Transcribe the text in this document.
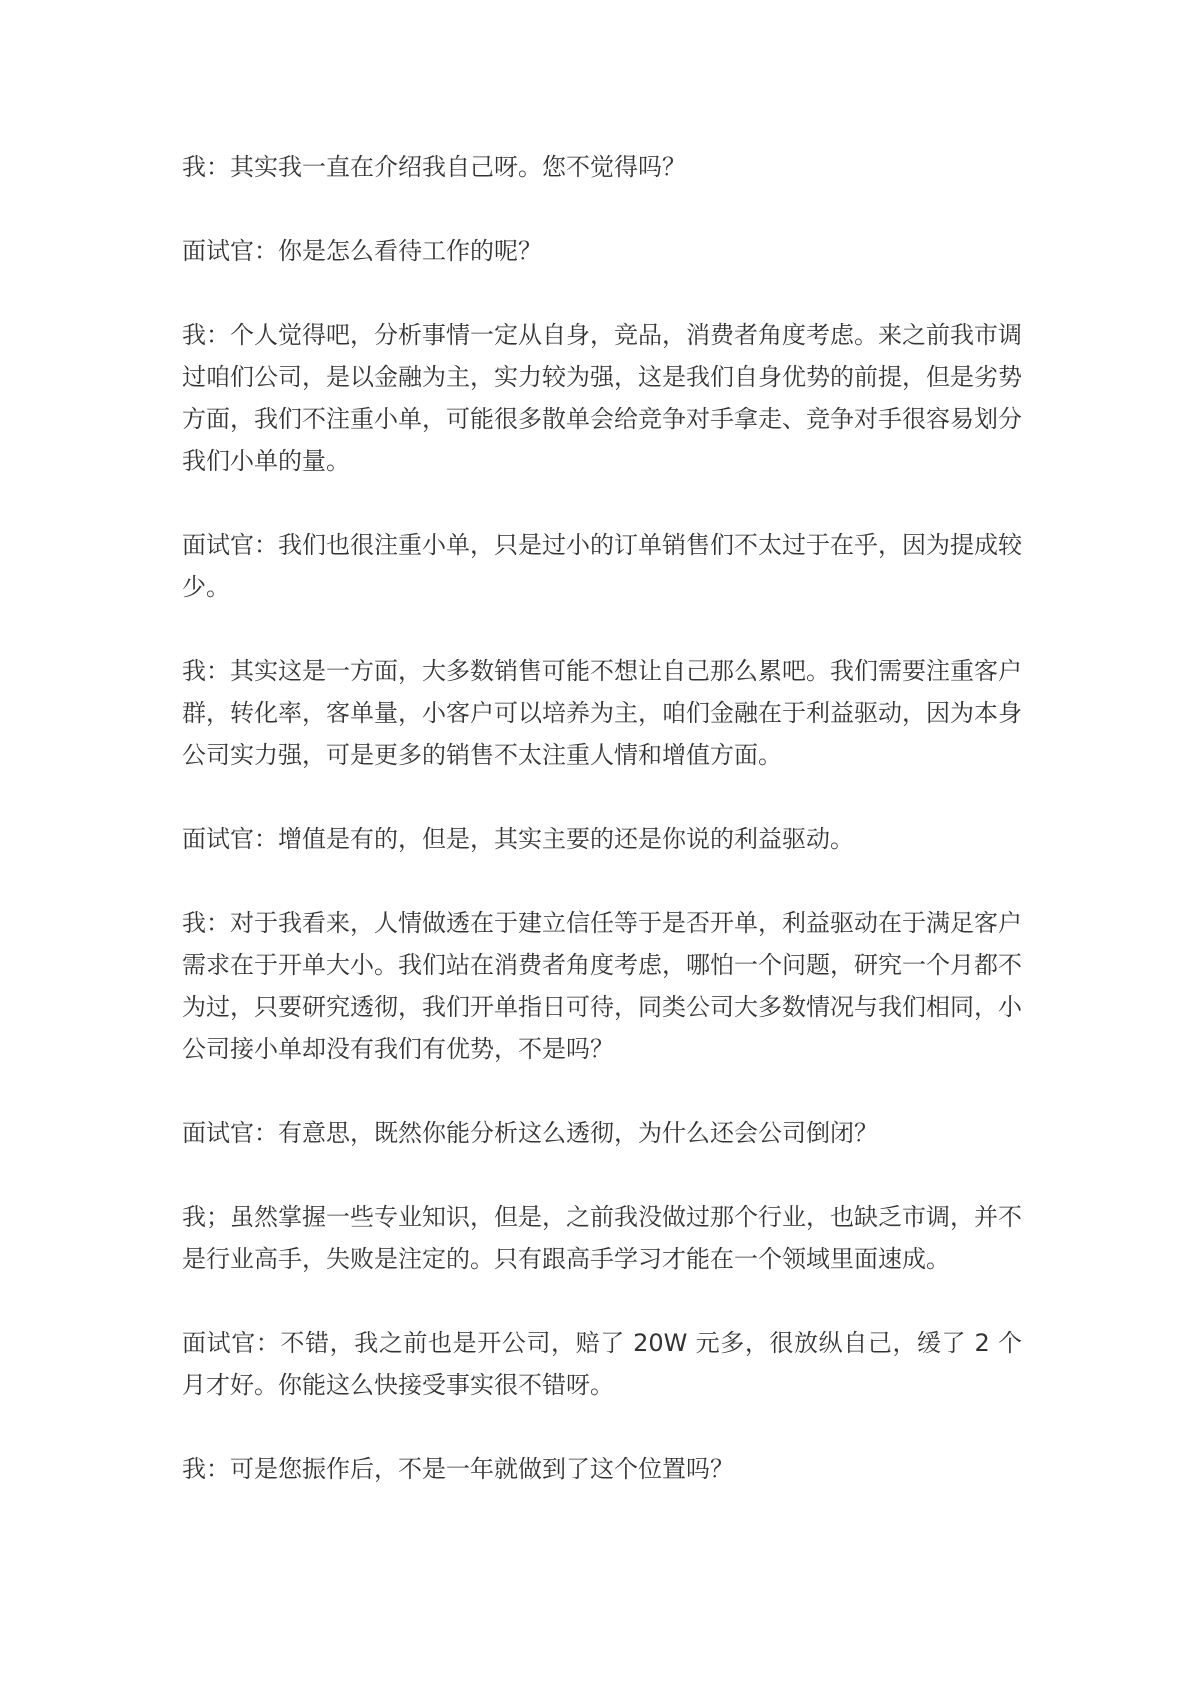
我：其实我一直在介绍我自己呀。您不觉得吗？

面试官：你是怎么看待工作的呢？

我：个人觉得吧，分析事情一定从自身，竞品，消费者角度考虑。来之前我市调过咱们公司，是以金融为主，实力较为强，这是我们自身优势的前提，但是劣势方面，我们不注重小单，可能很多散单会给竞争对手拿走、竞争对手很容易划分我们小单的量。

面试官：我们也很注重小单，只是过小的订单销售们不太过于在乎，因为提成较少。

我：其实这是一方面，大多数销售可能不想让自己那么累吧。我们需要注重客户群，转化率，客单量，小客户可以培养为主，咱们金融在于利益驱动，因为本身公司实力强，可是更多的销售不太注重人情和增值方面。

面试官：增值是有的，但是，其实主要的还是你说的利益驱动。

我：对于我看来，人情做透在于建立信任等于是否开单，利益驱动在于满足客户需求在于开单大小。我们站在消费者角度考虑，哪怕一个问题，研究一个月都不为过，只要研究透彻，我们开单指日可待，同类公司大多数情况与我们相同，小公司接小单却没有我们有优势，不是吗？

面试官：有意思，既然你能分析这么透彻，为什么还会公司倒闭？

我；虽然掌握一些专业知识，但是，之前我没做过那个行业，也缺乏市调，并不是行业高手，失败是注定的。只有跟高手学习才能在一个领域里面速成。

面试官：不错，我之前也是开公司，赔了 20W 元多，很放纵自己，缓了 2 个月才好。你能这么快接受事实很不错呀。

我：可是您振作后，不是一年就做到了这个位置吗？
